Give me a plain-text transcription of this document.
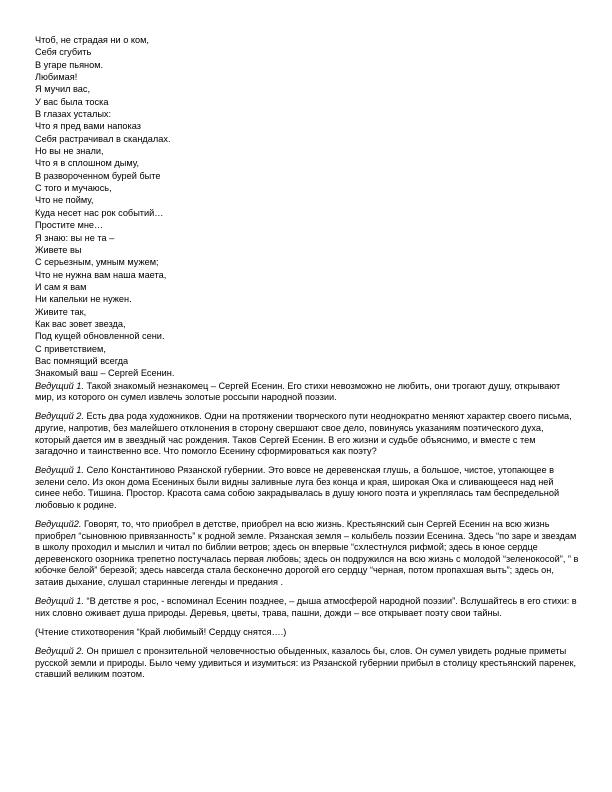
Чтоб, не страдая ни о ком,
Себя сгубить
В угаре пьяном.
Любимая!
Я мучил вас,
У вас была тоска
В глазах усталых:
Что я пред вами напоказ
Себя растрачивал в скандалах.
Но вы не знали,
Что я в сплошном дыму,
В развороченном бурей быте
С того и мучаюсь,
Что не пойму,
Куда несет нас рок событий…
Простите мне…
Я знаю: вы не та –
Живете вы
С серьезным, умным мужем;
Что не нужна вам наша маета,
И сам я вам
Ни капельки не нужен.
Живите так,
Как вас зовет звезда,
Под кущей обновленной сени.
С приветствием,
Вас помнящий всегда
Знакомый ваш – Сергей Есенин.

Ведущий 1. Такой знакомый незнакомец – Сергей Есенин. Его стихи невозможно не любить, они трогают душу, открывают мир, из которого он сумел извлечь золотые россыпи народной поэзии.

Ведущий 2. Есть два рода художников. Одни на протяжении творческого пути неоднократно меняют характер своего письма, другие, напротив, без малейшего отклонения в сторону свершают свое дело, повинуясь указаниям поэтического духа, который дается им в звездный час рождения. Таков Сергей Есенин. В его жизни и судьбе объяснимо, и вместе с тем загадочно и таинственно все. Что помогло Есенину сформироваться как поэту?

Ведущий 1. Село Константиново Рязанской губернии. Это вовсе не деревенская глушь, а большое, чистое, утопающее в зелени село. Из окон дома Есениных были видны заливные луга без конца и края, широкая Ока и сливающееся над ней синее небо. Тишина. Простор. Красота сама собою закрадывалась в душу юного поэта и укреплялась там беспредельной любовью к родине.

Ведущий2. Говорят, то, что приобрел в детстве, приобрел на всю жизнь. Крестьянский сын Сергей Есенин на всю жизнь приобрел “сыновнюю привязанность” к родной земле. Рязанская земля – колыбель поэзии Есенина. Здесь “по заре и звездам в школу проходил и мыслил и читал по библии ветров; здесь он впервые “схлестнулся рифмой; здесь в юное сердце деревенского озорника трепетно постучалась первая любовь; здесь он подружился на всю жизнь с молодой “зеленокосой”, ” в юбочке белой” березой; здесь навсегда стала бесконечно дорогой его сердцу “черная, потом пропахшая выть”; здесь он, затаив дыхание, слушал старинные легенды и предания .

Ведущий 1. “В детстве я рос, - вспоминал Есенин позднее, – дыша атмосферой народной поэзии”. Вслушайтесь в его стихи: в них словно оживает душа природы. Деревья, цветы, трава, пашни, дожди – все открывает поэту свои тайны.

(Чтение стихотворения “Край любимый! Сердцу снятся….)

Ведущий 2. Он пришел с пронзительной человечностью обыденных, казалось бы, слов. Он сумел увидеть родные приметы русской земли и природы. Было чему удивиться и изумиться: из Рязанской губернии прибыл в столицу крестьянский паренек, ставший великим поэтом.
